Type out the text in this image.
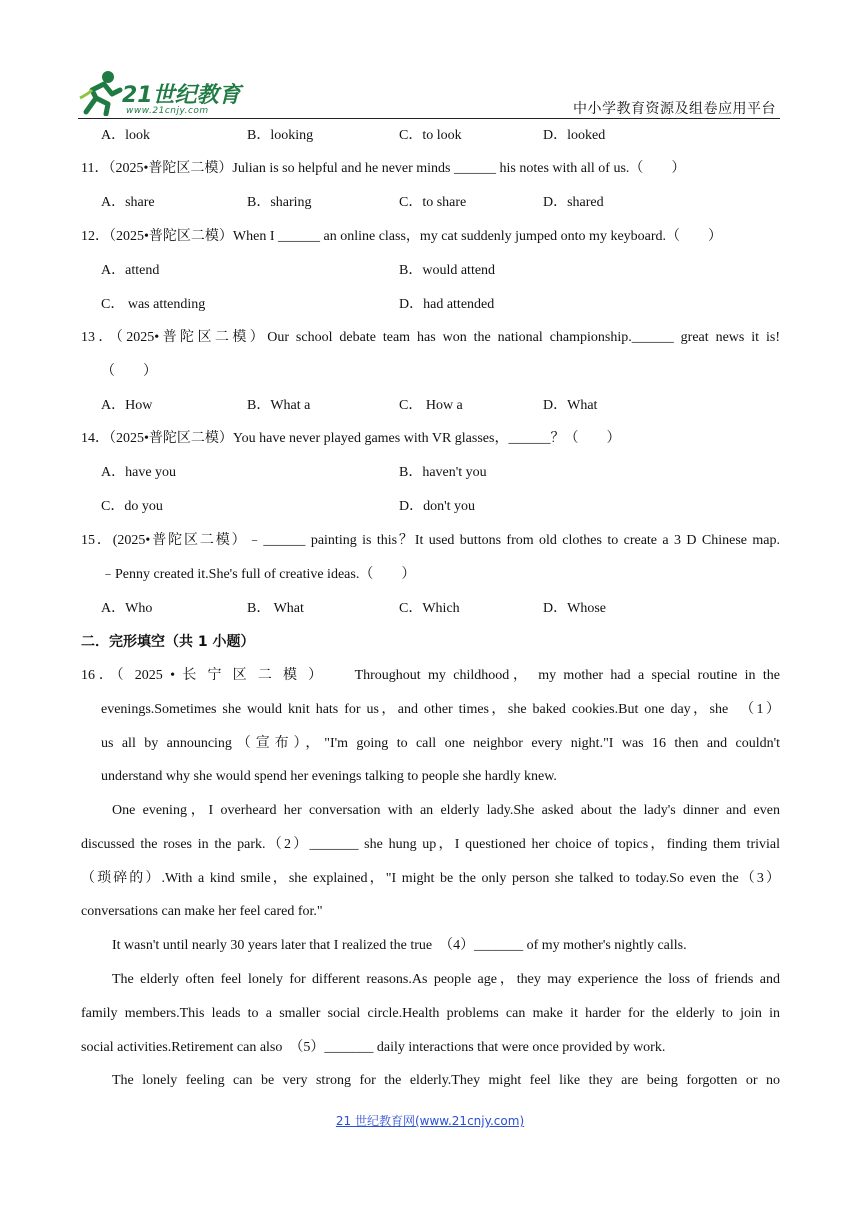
21世纪教育
www.21cnjy.com	中小学教育资源及组卷应用平台
A．look	B．looking	C．to look	D．looked
11．（2025•普陀区二模）Julian is so helpful and he never minds ______ his notes with all of us.（　　）
A．share	B．sharing	C．to share	D．shared
12．（2025•普陀区二模）When I ______ an online class，my cat suddenly jumped onto my keyboard.（　　）
A．attend	B．would attend
C． was attending	D．had attended
13．（2025•普陀区二模）Our school debate team has won the national championship.______ great news it is!
（　　）
A．How	B．What a	C． How a	D．What
14．（2025•普陀区二模）You have never played games with VR glasses，______？（　　）
A．have you	B．haven't you
C．do you	D．don't you
15．(2025•普陀区二模）﹣______ painting is this？It used buttons from old clothes to create a 3 D Chinese map.
﹣Penny created it.She's full of creative ideas.（　　）
A．Who	B． What	C．Which	D．Whose
二．完形填空（共 1 小题）
16．（ 2025 • 长 宁 区 二 模 ）　　Throughout my childhood， my mother had a special routine in the
evenings.Sometimes she would knit hats for us，and other times，she baked cookies.But one day，she　（1）
us all by announcing（宣布），"I'm going to call one neighbor every night."I was 16 then and couldn't
understand why she would spend her evenings talking to people she hardly knew.
One evening，I overheard her conversation with an elderly lady.She asked about the lady's dinner and even
discussed the roses in the park.（2）_______ she hung up，I questioned her choice of topics，finding them trivial
（琐碎的）.With a kind smile，she explained，"I might be the only person she talked to today.So even the（3）
conversations can make her feel cared for."
It wasn't until nearly 30 years later that I realized the true　（4）_______ of my mother's nightly calls.
The elderly often feel lonely for different reasons.As people age，they may experience the loss of friends and
family members.This leads to a smaller social circle.Health problems can make it harder for the elderly to join in
social activities.Retirement can also　（5）_______ daily interactions that were once provided by work.
The lonely feeling can be very strong for the elderly.They might feel like they are being forgotten or no
21 世纪教育网(www.21cnjy.com)
